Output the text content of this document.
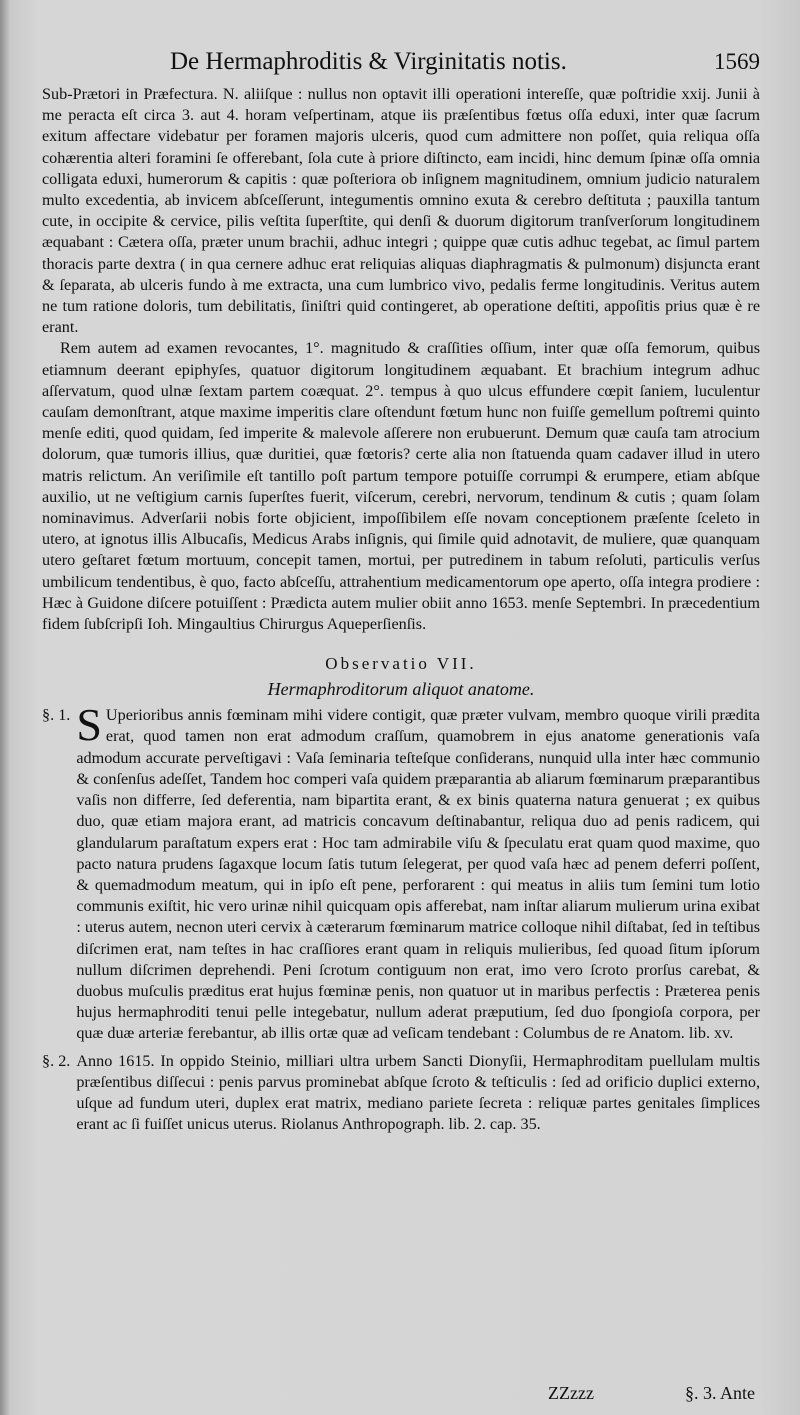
De Hermaphroditis & Virginitatis notis.	1569

Sub-Prætori in Præfectura. N. aliiſque : nullus non optavit illi operationi intereſſe, quæ poſtridie xxij. Junii à me peracta eſt circa 3. aut 4. horam veſpertinam, atque iis præſentibus fœtus oſſa eduxi, inter quæ ſacrum exitum affectare videbatur per foramen majoris ulceris, quod cum admittere non poſſet, quia reliqua oſſa cohærentia alteri foramini ſe offerebant, ſola cute à priore diſtincto, eam incidi, hinc demum ſpinæ oſſa omnia colligata eduxi, humerorum & capitis : quæ poſteriora ob inſignem magnitudinem, omnium judicio naturalem multo excedentia, ab invicem abſceſſerunt, integumentis omnino exuta & cerebro deſtituta ; pauxilla tantum cute, in occipite & cervice, pilis veſtita ſuperſtite, qui denſi & duorum digitorum tranſverſorum longitudinem æquabant : Cætera oſſa, præter unum brachii, adhuc integri ; quippe quæ cutis adhuc tegebat, ac ſimul partem thoracis parte dextra ( in qua cernere adhuc erat reliquias aliquas diaphragmatis & pulmonum) disjuncta erant & ſeparata, ab ulceris fundo à me extracta, una cum lumbrico vivo, pedalis ferme longitudinis. Veritus autem ne tum ratione doloris, tum debilitatis, ſiniſtri quid contingeret, ab operatione deſtiti, appoſitis prius quæ è re erant.

Rem autem ad examen revocantes, 1°. magnitudo & craſſities oſſium, inter quæ oſſa femorum, quibus etiamnum deerant epiphyſes, quatuor digitorum longitudinem æquabant. Et brachium integrum adhuc aſſervatum, quod ulnæ ſextam partem coæquat. 2°. tempus à quo ulcus effundere cœpit ſaniem, luculentur cauſam demonſtrant, atque maxime imperitis clare oſtendunt fœtum hunc non fuiſſe gemellum poſtremi quinto menſe editi, quod quidam, ſed imperite & malevole aſſerere non erubuerunt. Demum quæ cauſa tam atrocium dolorum, quæ tumoris illius, quæ duritiei, quæ fœtoris? certe alia non ſtatuenda quam cadaver illud in utero matris relictum. An veriſimile eſt tantillo poſt partum tempore potuiſſe corrumpi & erumpere, etiam abſque auxilio, ut ne veſtigium carnis ſuperſtes fuerit, viſcerum, cerebri, nervorum, tendinum & cutis ; quam ſolam nominavimus. Adverſarii nobis forte objicient, impoſſibilem eſſe novam conceptionem præſente ſceleto in utero, at ignotus illis Albucaſis, Medicus Arabs inſignis, qui ſimile quid adnotavit, de muliere, quæ quanquam utero geſtaret fœtum mortuum, concepit tamen, mortui, per putredinem in tabum reſoluti, particulis verſus umbilicum tendentibus, è quo, facto abſceſſu, attrahentium medicamentorum ope aperto, oſſa integra prodiere : Hæc à Guidone diſcere potuiſſent : Prædicta autem mulier obiit anno 1653. menſe Septembri. In præcedentium fidem ſubſcripſi Ioh. Mingaultius Chirurgus Aqueperſienſis.

Observatio VII.
Hermaphroditorum aliquot anatome.
§. 1. S Uperioribus annis fœminam mihi videre contigit, quæ præter vulvam, membro quoque virili prædita erat, quod tamen non erat admodum craſſum, quamobrem in ejus anatome generationis vaſa admodum accurate perveſtigavi : Vaſa ſeminaria teſteſque conſiderans, nunquid ulla inter hæc communio & conſenſus adeſſet, Tandem hoc comperi vaſa quidem præparantia ab aliarum fœminarum præparantibus vaſis non differre, ſed deferentia, nam bipartita erant, & ex binis quaterna natura genuerat ; ex quibus duo, quæ etiam majora erant, ad matricis concavum deſtinabantur, reliqua duo ad penis radicem, qui glandularum paraſtatum expers erat : Hoc tam admirabile viſu & ſpeculatu erat quam quod maxime, quo pacto natura prudens ſagaxque locum ſatis tutum ſelegerat, per quod vaſa hæc ad penem deferri poſſent, & quemadmodum meatum, qui in ipſo eſt pene, perforarent : qui meatus in aliis tum ſemini tum lotio communis exiſtit, hic vero urinæ nihil quicquam opis afferebat, nam inſtar aliarum mulierum urina exibat : uterus autem, necnon uteri cervix à cæterarum fœminarum matrice colloque nihil diſtabat, ſed in teſtibus diſcrimen erat, nam teſtes in hac craſſiores erant quam in reliquis mulieribus, ſed quoad ſitum ipſorum nullum diſcrimen deprehendi. Peni ſcrotum contiguum non erat, imo vero ſcroto prorſus carebat, & duobus muſculis præditus erat hujus fœminæ penis, non quatuor ut in maribus perfectis : Præterea penis hujus hermaphroditi tenui pelle integebatur, nullum aderat præputium, ſed duo ſpongioſa corpora, per quæ duæ arteriæ ferebantur, ab illis ortæ quæ ad veſicam tendebant : Columbus de re Anatom. lib. xv.

§. 2. Anno 1615. In oppido Steinio, milliari ultra urbem Sancti Dionyſii, Hermaphroditam puellulam multis præſentibus diſſecui : penis parvus prominebat abſque ſcroto & teſticulis : ſed ad orificio duplici externo, uſque ad fundum uteri, duplex erat matrix, mediano pariete ſecreta : reliquæ partes genitales ſimplices erant ac ſi fuiſſet unicus uterus. Riolanus Anthropograph. lib. 2. cap. 35.

ZZzzz	§. 3. Ante
